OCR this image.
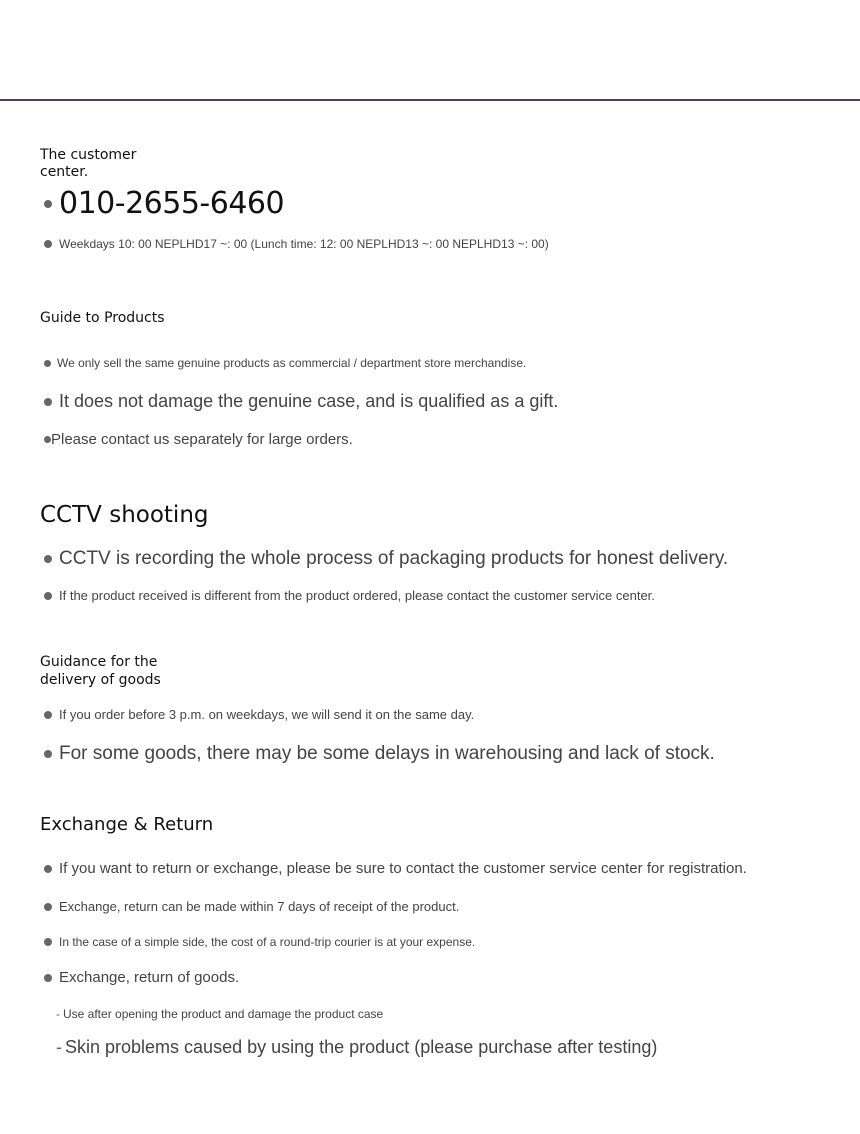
The customer center.
010-2655-6460
Weekdays 10: 00 NEPLHD17 ~: 00 (Lunch time: 12: 00 NEPLHD13 ~: 00 NEPLHD13 ~: 00)
Guide to Products
We only sell the same genuine products as commercial / department store merchandise.
It does not damage the genuine case, and is qualified as a gift.
Please contact us separately for large orders.
CCTV shooting
CCTV is recording the whole process of packaging products for honest delivery.
If the product received is different from the product ordered, please contact the customer service center.
Guidance for the
delivery of goods
If you order before 3 p.m. on weekdays, we will send it on the same day.
For some goods, there may be some delays in warehousing and lack of stock.
Exchange & Return
If you want to return or exchange, please be sure to contact the customer service center for registration.
Exchange, return can be made within 7 days of receipt of the product.
In the case of a simple side, the cost of a round-trip courier is at your expense.
Exchange, return of goods.
- Use after opening the product and damage the product case
- Skin problems caused by using the product (please purchase after testing)
